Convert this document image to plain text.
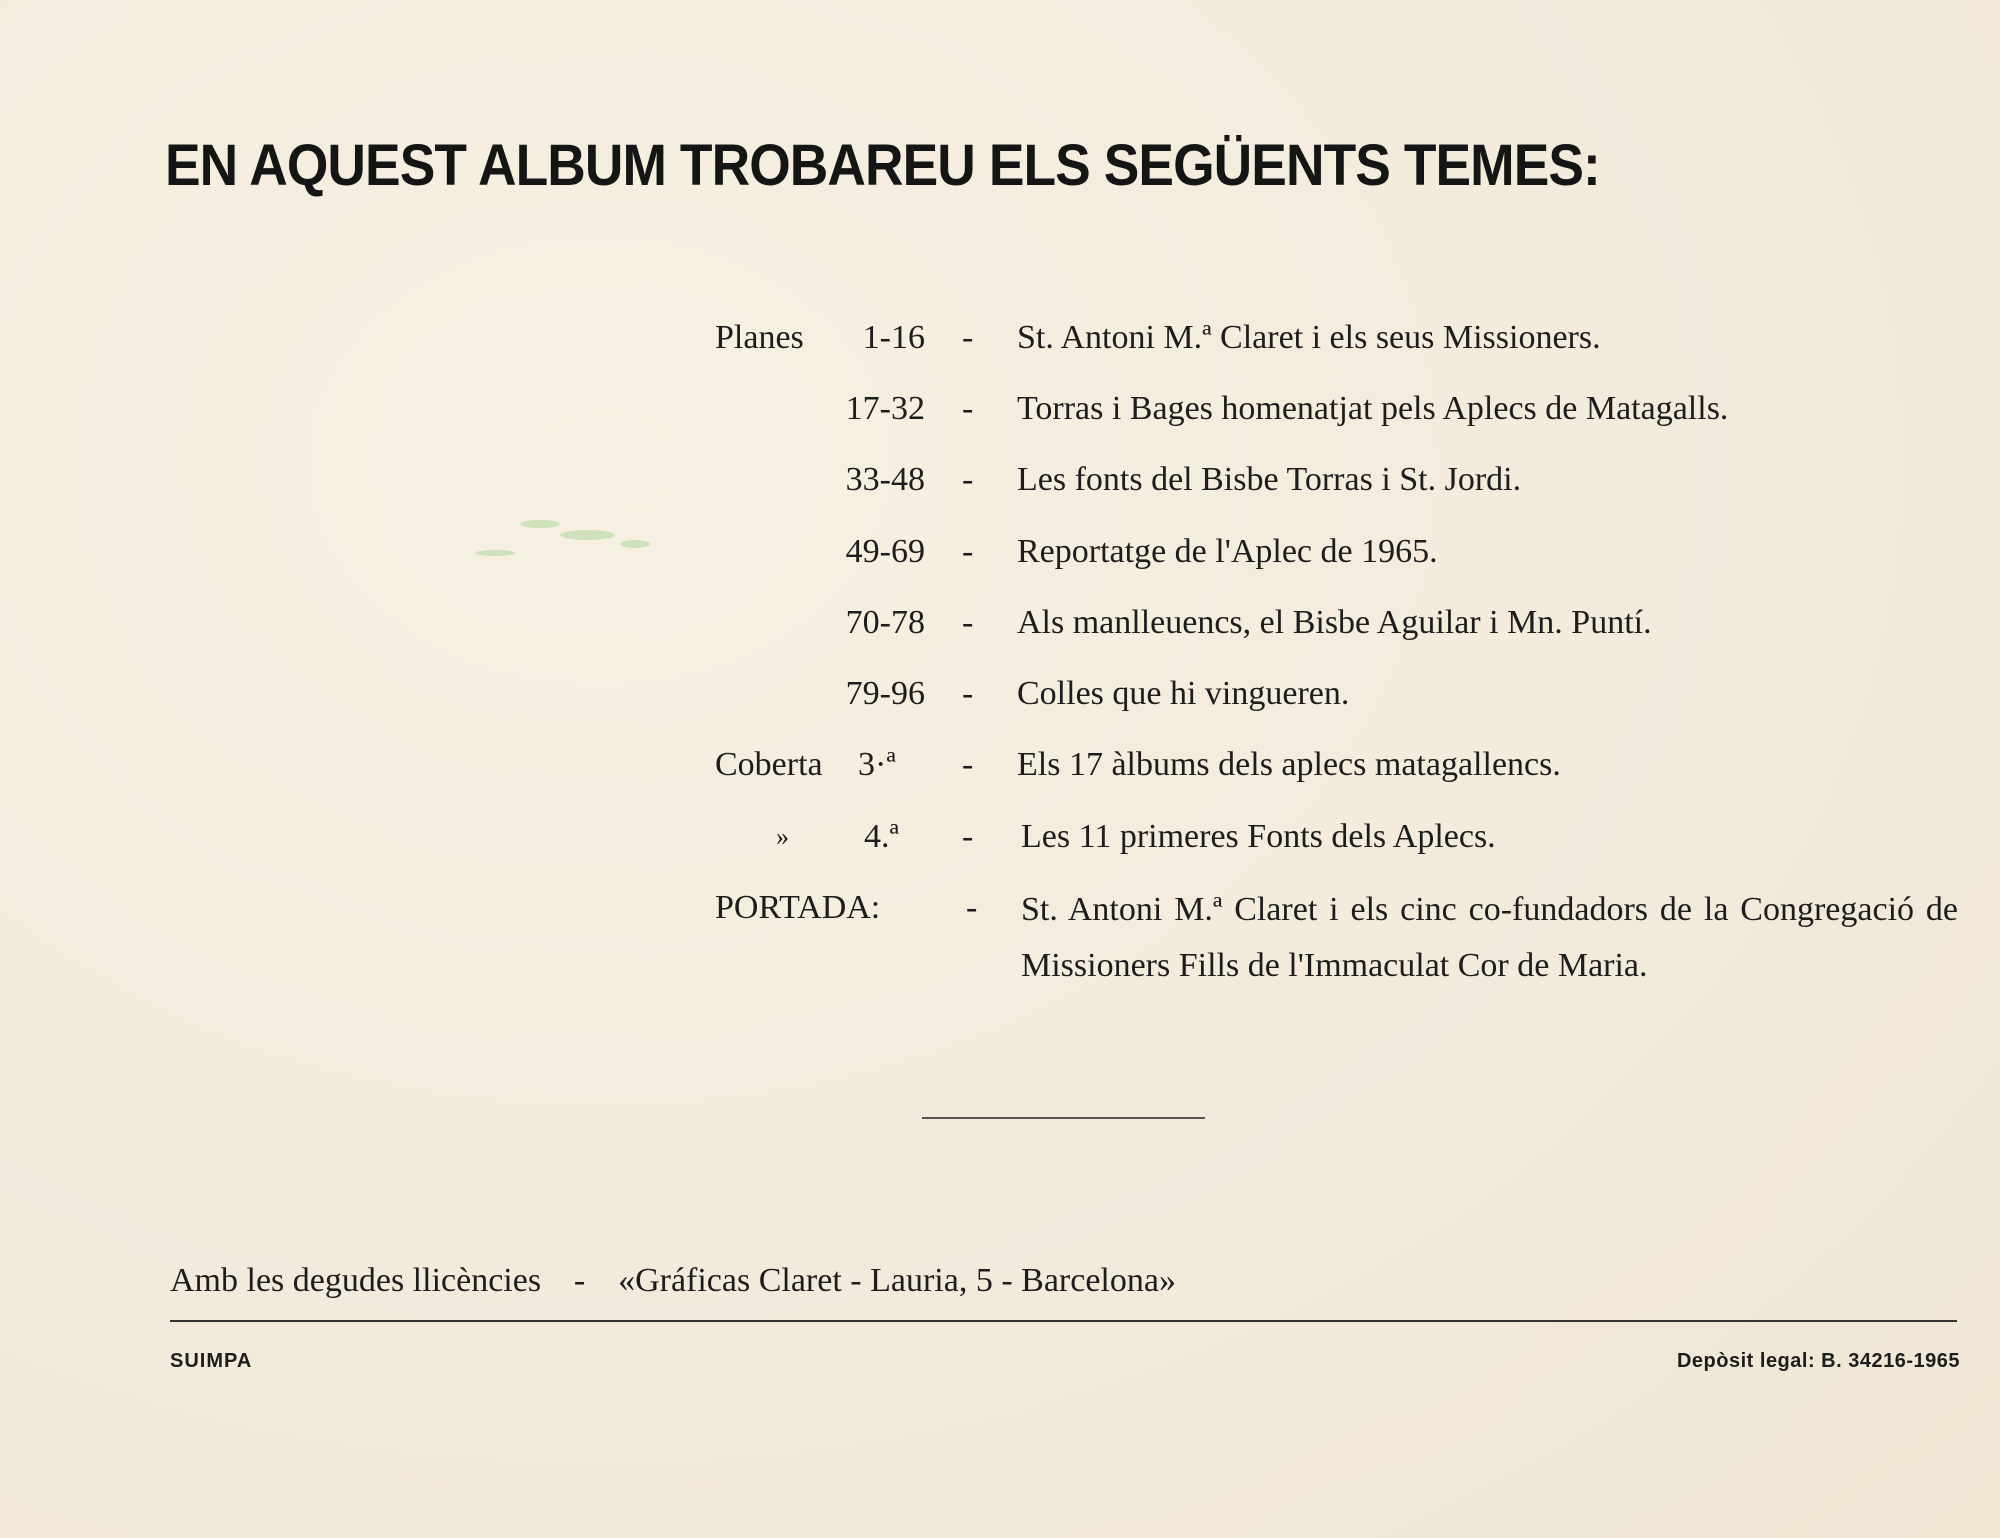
EN AQUEST ALBUM TROBAREU ELS SEGÜENTS TEMES:
Planes 1-16 - St. Antoni M.ª Claret i els seus Missioners.
17-32 - Torras i Bages homenatjat pels Aplecs de Matagalls.
33-48 - Les fonts del Bisbe Torras i St. Jordi.
49-69 - Reportatge de l'Aplec de 1965.
70-78 - Als manlleuencs, el Bisbe Aguilar i Mn. Puntí.
79-96 - Colles que hi vingueren.
Coberta 3·ª - Els 17 àlbums dels aplecs matagallencs.
» 4.ª - Les 11 primeres Fonts dels Aplecs.
PORTADA:	- St. Antoni M.ª Claret i els cinc co-fundadors de la Congregació de Missioners Fills de l'Immaculat Cor de Maria.
Amb les degudes llicències - «Gráficas Claret - Lauria, 5 - Barcelona»
SUIMPA	Depòsit legal: B. 34216-1965
